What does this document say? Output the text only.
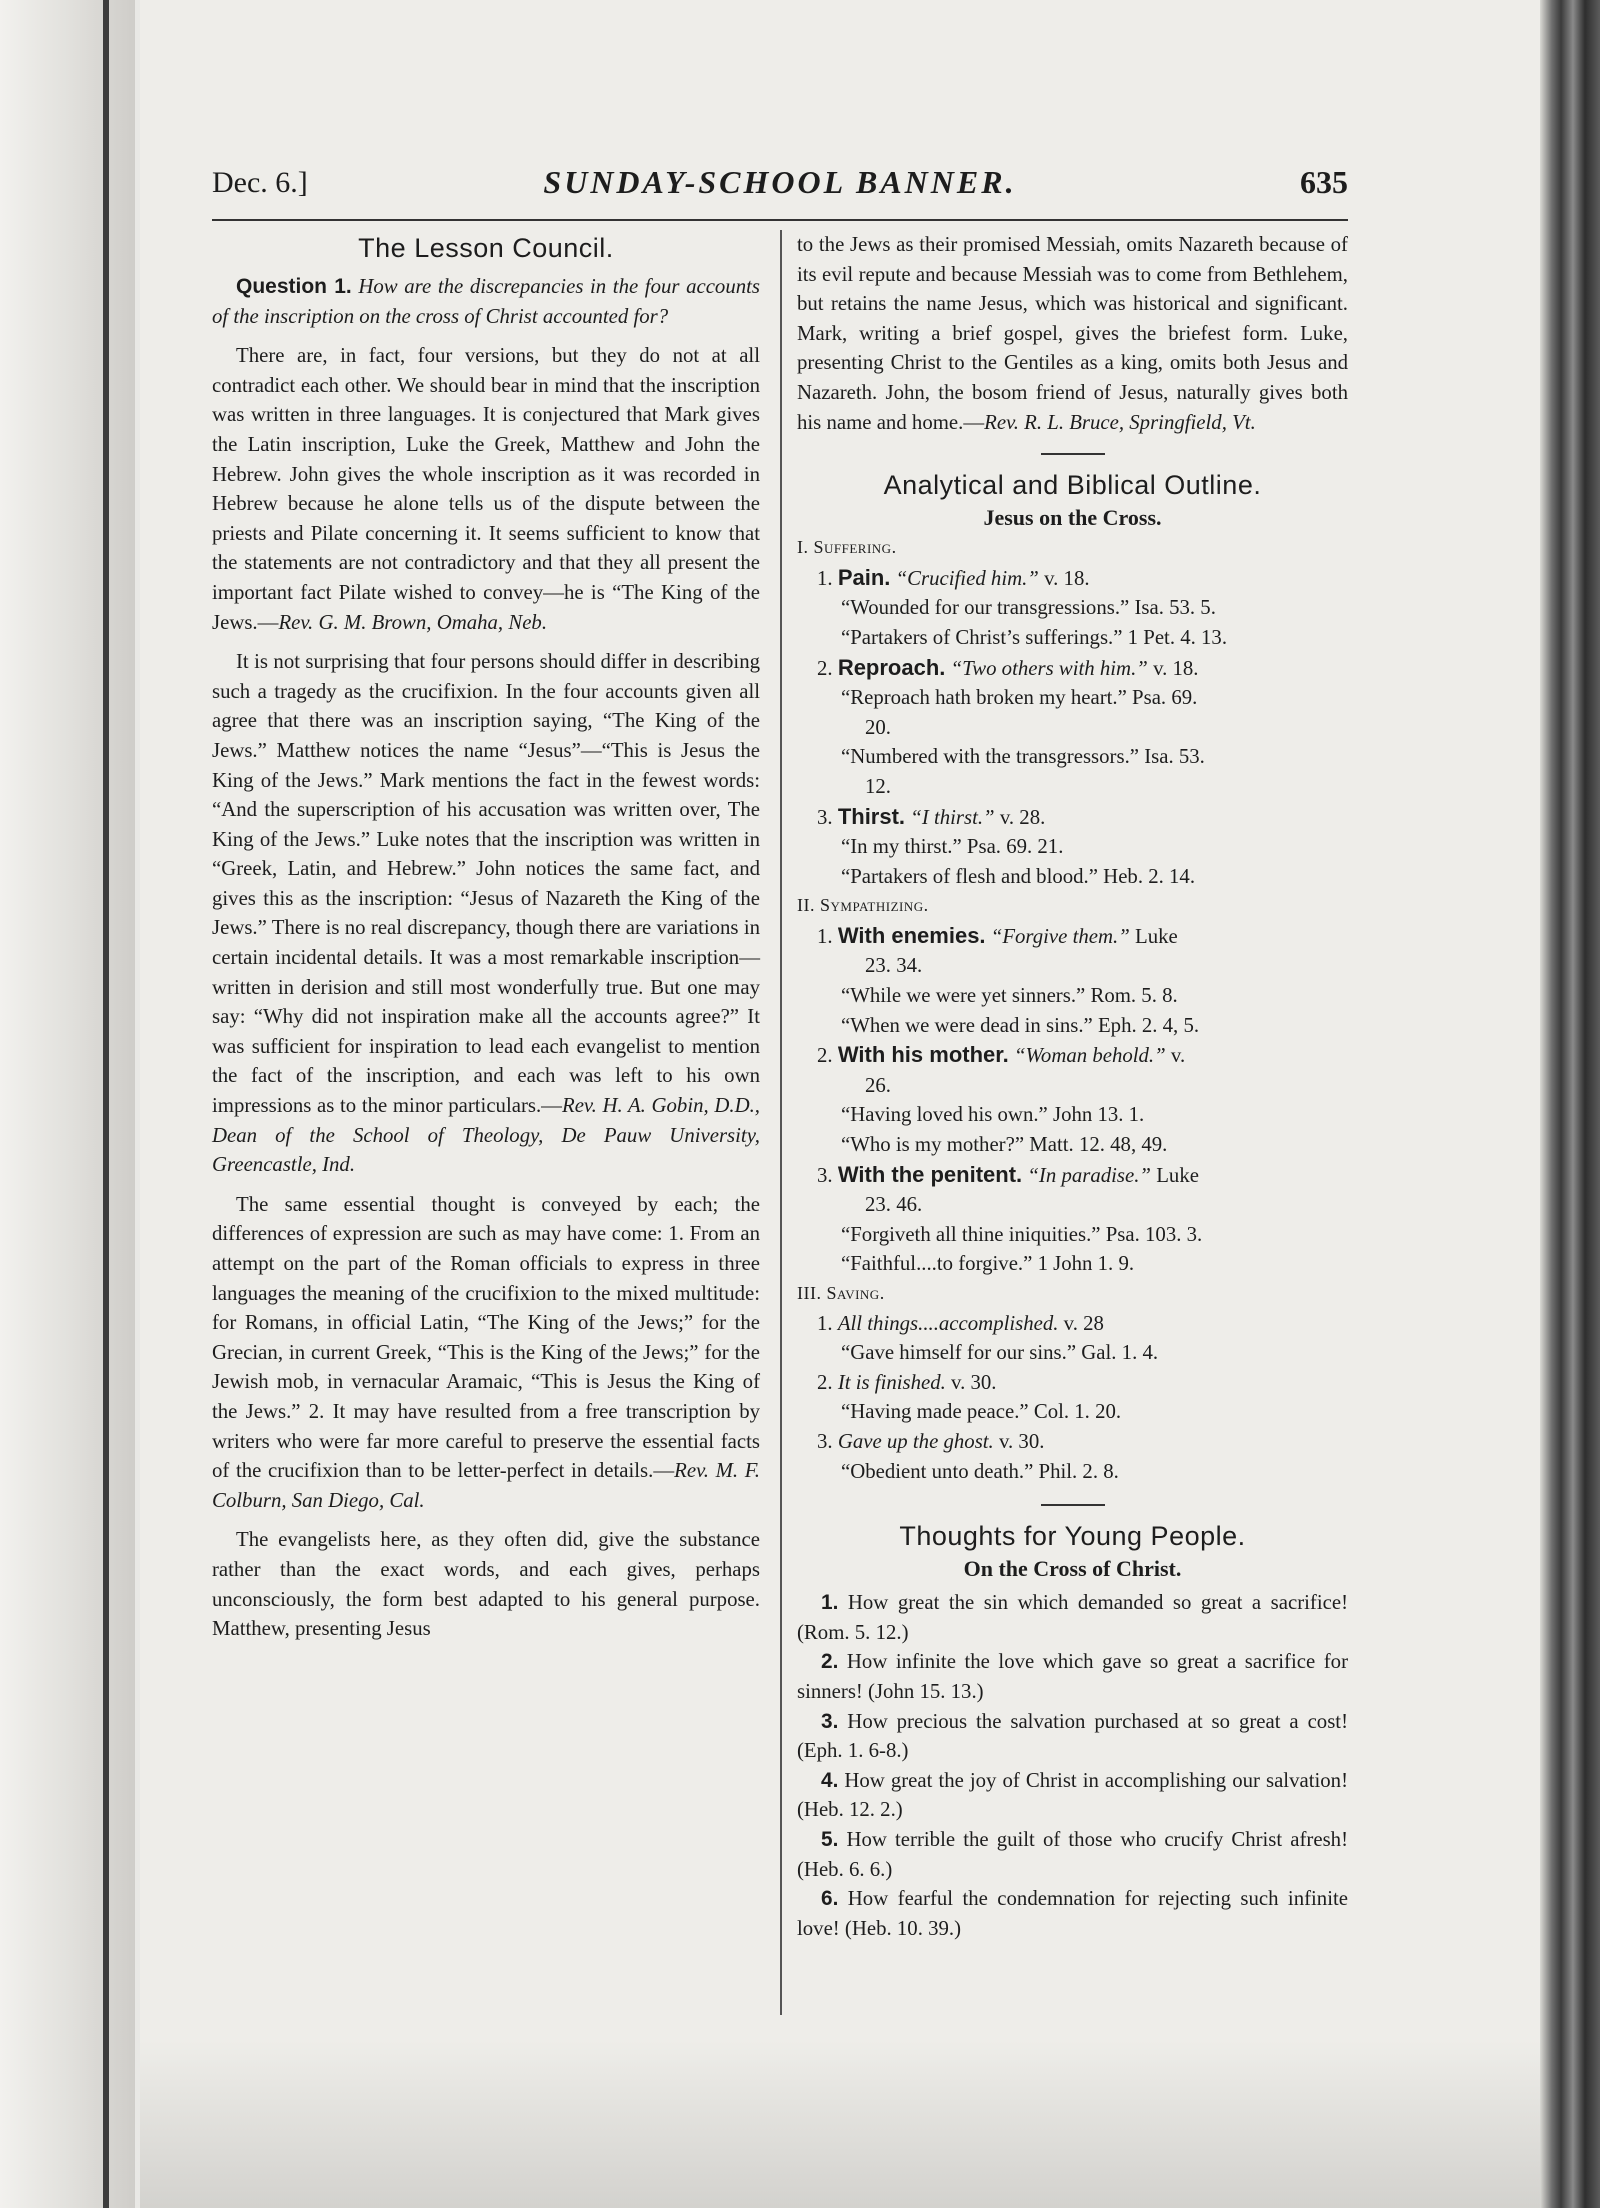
Dec. 6.]	SUNDAY-SCHOOL BANNER.	635

The Lesson Council.

Question 1. How are the discrepancies in the four accounts of the inscription on the cross of Christ accounted for?

There are, in fact, four versions, but they do not at all contradict each other. We should bear in mind that the inscription was written in three languages. It is conjectured that Mark gives the Latin inscription, Luke the Greek, Matthew and John the Hebrew. John gives the whole inscription as it was recorded in Hebrew because he alone tells us of the dispute between the priests and Pilate concerning it. It seems sufficient to know that the statements are not contradictory and that they all present the important fact Pilate wished to convey—he is “The King of the Jews.—Rev. G. M. Brown, Omaha, Neb.

It is not surprising that four persons should differ in describing such a tragedy as the crucifixion. In the four accounts given all agree that there was an inscription saying, “The King of the Jews.” Matthew notices the name “Jesus”—“This is Jesus the King of the Jews.” Mark mentions the fact in the fewest words: “And the superscription of his accusation was written over, The King of the Jews.” Luke notes that the inscription was written in “Greek, Latin, and Hebrew.” John notices the same fact, and gives this as the inscription: “Jesus of Nazareth the King of the Jews.” There is no real discrepancy, though there are variations in certain incidental details. It was a most remarkable inscription—written in derision and still most wonderfully true. But one may say: “Why did not inspiration make all the accounts agree?” It was sufficient for inspiration to lead each evangelist to mention the fact of the inscription, and each was left to his own impressions as to the minor particulars.—Rev. H. A. Gobin, D.D., Dean of the School of Theology, De Pauw University, Greencastle, Ind.

The same essential thought is conveyed by each; the differences of expression are such as may have come: 1. From an attempt on the part of the Roman officials to express in three languages the meaning of the crucifixion to the mixed multitude: for Romans, in official Latin, “The King of the Jews;” for the Grecian, in current Greek, “This is the King of the Jews;” for the Jewish mob, in vernacular Aramaic, “This is Jesus the King of the Jews.” 2. It may have resulted from a free transcription by writers who were far more careful to preserve the essential facts of the crucifixion than to be letter-perfect in details.—Rev. M. F. Colburn, San Diego, Cal.

The evangelists here, as they often did, give the substance rather than the exact words, and each gives, perhaps unconsciously, the form best adapted to his general purpose. Matthew, presenting Jesus

to the Jews as their promised Messiah, omits Nazareth because of its evil repute and because Messiah was to come from Bethlehem, but retains the name Jesus, which was historical and significant. Mark, writing a brief gospel, gives the briefest form. Luke, presenting Christ to the Gentiles as a king, omits both Jesus and Nazareth. John, the bosom friend of Jesus, naturally gives both his name and home.—Rev. R. L. Bruce, Springfield, Vt.

Analytical and Biblical Outline.

Jesus on the Cross.

I. Suffering.

1. Pain. “Crucified him.” v. 18.

“Wounded for our transgressions.” Isa. 53. 5.

“Partakers of Christ’s sufferings.” 1 Pet. 4. 13.

2. Reproach. “Two others with him.” v. 18.

“Reproach hath broken my heart.” Psa. 69.

20.

“Numbered with the transgressors.” Isa. 53.

12.

3. Thirst. “I thirst.” v. 28.

“In my thirst.” Psa. 69. 21.

“Partakers of flesh and blood.” Heb. 2. 14.

II. Sympathizing.

1. With enemies. “Forgive them.” Luke

23. 34.

“While we were yet sinners.” Rom. 5. 8.

“When we were dead in sins.” Eph. 2. 4, 5.

2. With his mother. “Woman behold.” v.

26.

“Having loved his own.” John 13. 1.

“Who is my mother?” Matt. 12. 48, 49.

3. With the penitent. “In paradise.” Luke

23. 46.

“Forgiveth all thine iniquities.” Psa. 103. 3.

“Faithful....to forgive.” 1 John 1. 9.

III. Saving.

1. All things....accomplished. v. 28

“Gave himself for our sins.” Gal. 1. 4.

2. It is finished. v. 30.

“Having made peace.” Col. 1. 20.

3. Gave up the ghost. v. 30.

“Obedient unto death.” Phil. 2. 8.

Thoughts for Young People.

On the Cross of Christ.

1. How great the sin which demanded so great a sacrifice! (Rom. 5. 12.)

2. How infinite the love which gave so great a sacrifice for sinners! (John 15. 13.)

3. How precious the salvation purchased at so great a cost! (Eph. 1. 6-8.)

4. How great the joy of Christ in accomplishing our salvation! (Heb. 12. 2.)

5. How terrible the guilt of those who crucify Christ afresh! (Heb. 6. 6.)

6. How fearful the condemnation for rejecting such infinite love! (Heb. 10. 39.)
